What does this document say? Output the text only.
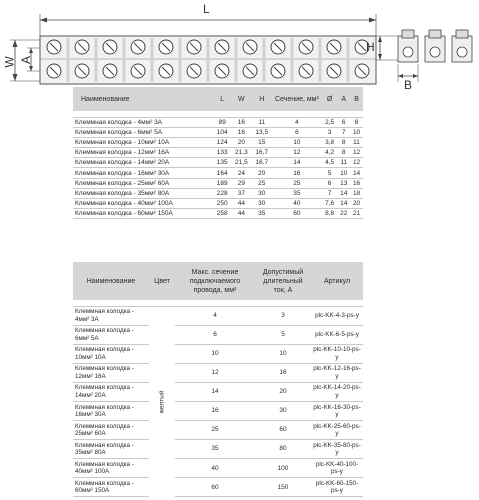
L
W A
H
B
Наименование	L	W	H	Сечение, мм²	Ø	A	B

Клеммная колодка - 4мм² 3А	89	16	11	4	2,5	6	8
Клеммная колодка - 6мм² 5А	104	16	13,5	6	3	7	10
Клеммная колодка - 10мм² 10А	124	20	15	10	3,8	8	11
Клеммная колодка - 12мм² 16А	133	21,3	16,7	12	4,2	8	12
Клеммная колодка - 14мм² 20А	135	21,5	16,7	14	4,5	11	12
Клеммная колодка - 16мм² 30А	164	24	20	16	5	10	14
Клеммная колодка - 25мм² 60А	189	29	25	25	6	13	16
Клеммная колодка - 35мм² 80А	228	37	30	35	7	14	18
Клеммная колодка - 40мм² 100А	250	44	30	40	7,6	14	20
Клеммная колодка - 60мм² 150А	258	44	35	60	8,8	22	21
Наименование	Цвет	Макс. сечение подключаемого провода, мм²	Допустимый длительный ток, А	Артикул

Клеммная колодка - 4мм² 3А	желтый	4	3	plc-KK-4-3-ps-y
Клеммная колодка - 6мм² 5А		6	5	plc-KK-6-5-ps-y
Клеммная колодка - 10мм² 10А		10	10	plc-KK-10-10-ps-y
Клеммная колодка - 12мм² 16А		12	16	plc-KK-12-16-ps-y
Клеммная колодка - 14мм² 20А		14	20	plc-KK-14-20-ps-y
Клеммная колодка - 16мм² 30А		16	30	plc-KK-16-30-ps-y
Клеммная колодка - 25мм² 60А		25	60	plc-KK-25-60-ps-y
Клеммная колодка - 35мм² 80А		35	80	plc-KK-35-80-ps-y
Клеммная колодка - 40мм² 100А		40	100	plc-KK-40-100-ps-y
Клеммная колодка - 60мм² 150А		60	150	plc-KK-60-150-ps-y
